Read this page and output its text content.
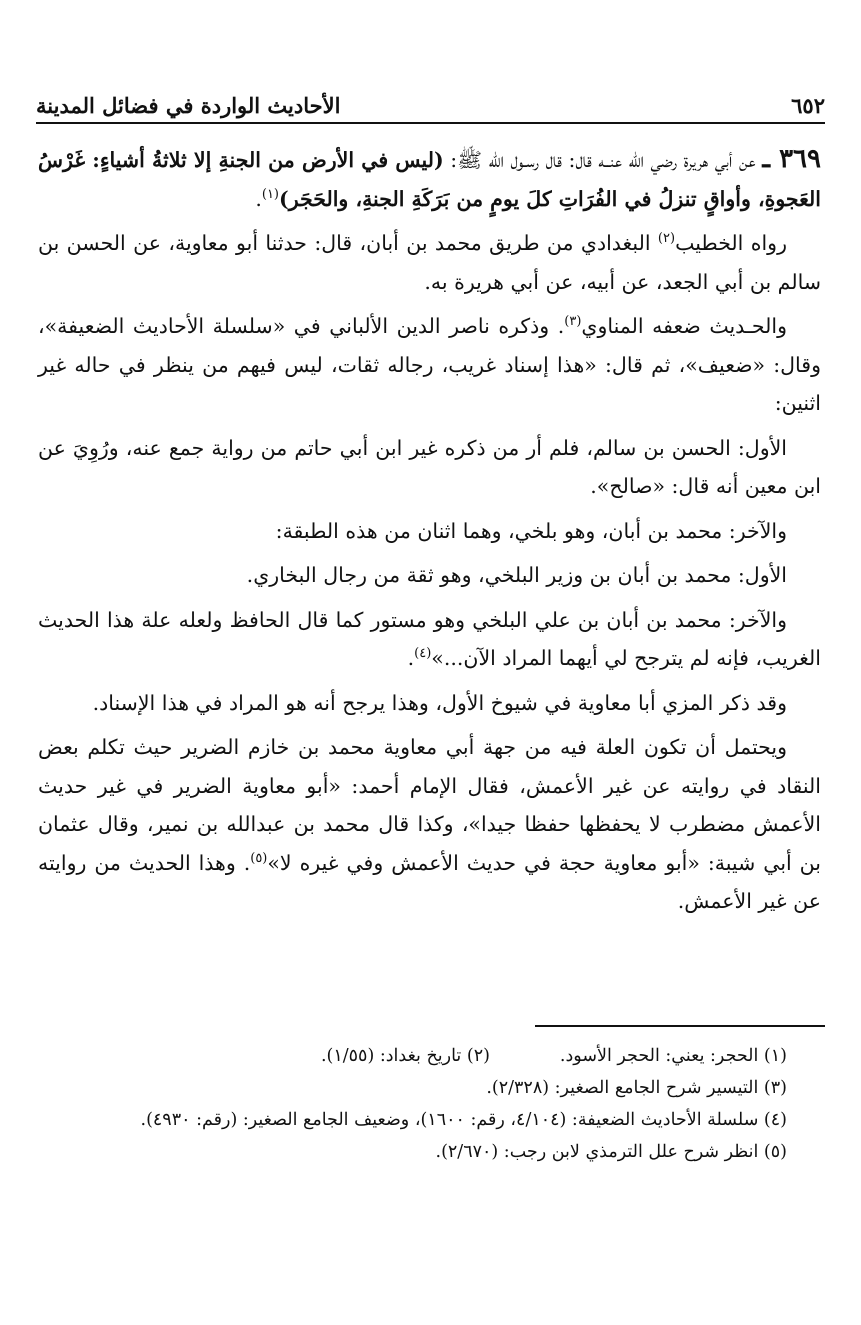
٦٥٢
الأحاديث الواردة في فضائل المدينة

٣٦٩ ـ عن أبي هريرة رضي الله عنــه قال: قال رسـول الله ﷺ: (ليس في الأرض من الجنةِ إلا ثلاثةُ أشياءٍ: غَرْسُ العَجوةِ، وأواقٍ تنزلُ في الفُرَاتِ كلَ يومٍ من بَرَكَةِ الجنةِ، والحَجَر)$^{(١)}$.

رواه الخطيب$^{(٢)}$ البغدادي من طريق محمد بن أبان، قال: حدثنا أبو معاوية، عن الحسن بن سالم بن أبي الجعد، عن أبيه، عن أبي هريرة به.

والحـديث ضعفه المناوي$^{(٣)}$. وذكره ناصر الدين الألباني في «سلسلة الأحاديث الضعيفة»، وقال: «ضعيف»، ثم قال: «هذا إسناد غريب، رجاله ثقات، ليس فيهم من ينظر في حاله غير اثنين:

الأول: الحسن بن سالم، فلم أر من ذكره غير ابن أبي حاتم من رواية جمع عنه، ورُوِيَ عن ابن معين أنه قال: «صالح».

والآخر: محمد بن أبان، وهو بلخي، وهما اثنان من هذه الطبقة:

الأول: محمد بن أبان بن وزير البلخي، وهو ثقة من رجال البخاري.

والآخر: محمد بن أبان بن علي البلخي وهو مستور كما قال الحافظ ولعله علة هذا الحديث الغريب، فإنه لم يترجح لي أيهما المراد الآن...»$^{(٤)}$.

وقد ذكر المزي أبا معاوية في شيوخ الأول، وهذا يرجح أنه هو المراد في هذا الإسناد.

ويحتمل أن تكون العلة فيه من جهة أبي معاوية محمد بن خازم الضرير حيث تكلم بعض النقاد في روايته عن غير الأعمش، فقال الإمام أحمد: «أبو معاوية الضرير في غير حديث الأعمش مضطرب لا يحفظها حفظا جيدا»، وكذا قال محمد بن عبدالله بن نمير، وقال عثمان بن أبي شيبة: «أبو معاوية حجة في حديث الأعمش وفي غيره لا»$^{(٥)}$. وهذا الحديث من روايته عن غير الأعمش.

(١) الحجر: يعني: الحجر الأسود.
(٢) تاريخ بغداد: (١/٥٥).
(٣) التيسير شرح الجامع الصغير: (٢/٣٢٨).
(٤) سلسلة الأحاديث الضعيفة: (٤/١٠٤، رقم: ١٦٠٠)، وضعيف الجامع الصغير: (رقم: ٤٩٣٠).
(٥) انظر شرح علل الترمذي لابن رجب: (٢/٦٧٠).
